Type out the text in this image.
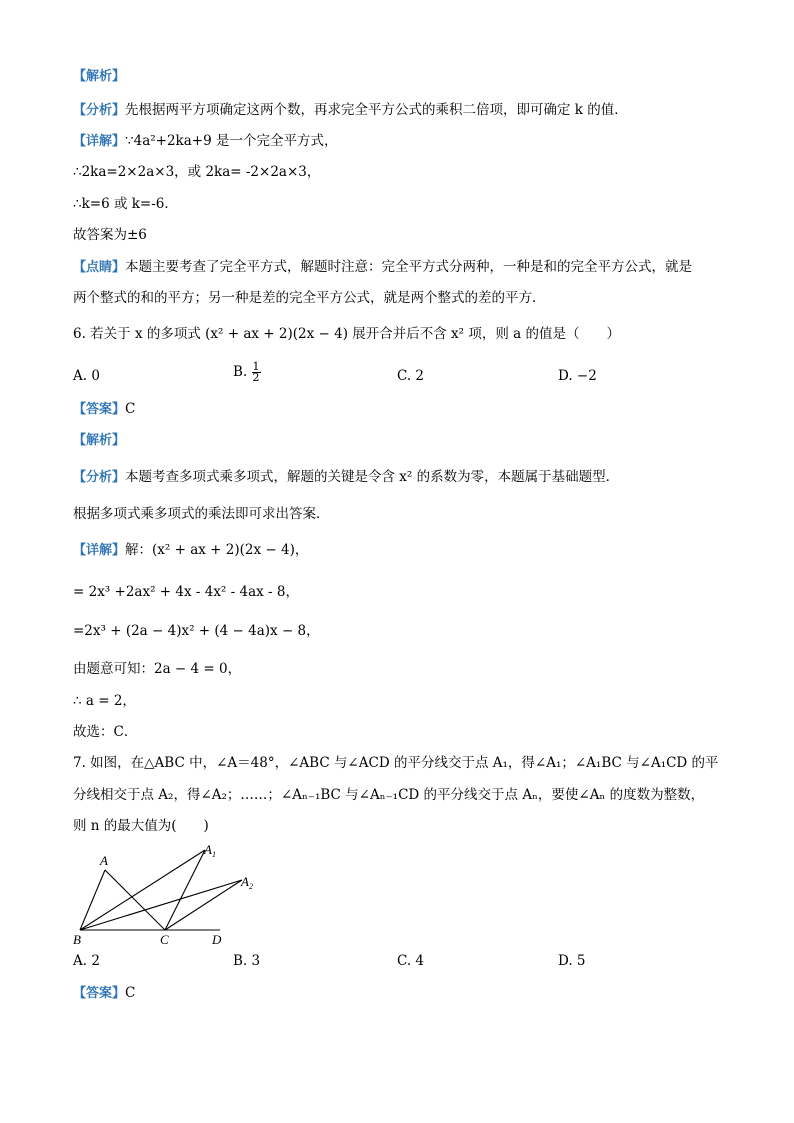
【解析】
【分析】先根据两平方项确定这两个数，再求完全平方公式的乘积二倍项，即可确定 k 的值．
【详解】∵4a²+2ka+9 是一个完全平方式，
∴2ka=2×2a×3，或 2ka= -2×2a×3，
∴k=6 或 k=-6．
故答案为±6
【点睛】本题主要考查了完全平方式，解题时注意：完全平方式分两种，一种是和的完全平方公式，就是
两个整式的和的平方；另一种是差的完全平方公式，就是两个整式的差的平方．
6. 若关于 x 的多项式 (x² + ax + 2)(2x − 4) 展开合并后不含 x² 项，则 a 的值是（　　）
A. 0	B. $\frac{1}{2}$	C. 2	D. −2
【答案】C
【解析】
【分析】本题考查多项式乘多项式，解题的关键是令含 x² 的系数为零，本题属于基础题型．
根据多项式乘多项式的乘法即可求出答案．
【详解】解：(x² + ax + 2)(2x − 4)，
= 2x³ +2ax² + 4x - 4x² - 4ax - 8，
=2x³ + (2a − 4)x² + (4 − 4a)x − 8，
由题意可知：2a − 4 = 0，
∴ a = 2，
故选：C．
7. 如图，在△ABC 中，∠A＝48°，∠ABC 与∠ACD 的平分线交于点 A₁，得∠A₁；∠A₁BC 与∠A₁CD 的平
分线相交于点 A₂，得∠A₂；……；∠Aₙ₋₁BC 与∠Aₙ₋₁CD 的平分线交于点 Aₙ，要使∠Aₙ 的度数为整数，
则 n 的最大值为(　　)
A
$A_1$
$A_2$
B	C	D
A. 2	B. 3	C. 4	D. 5
【答案】C
